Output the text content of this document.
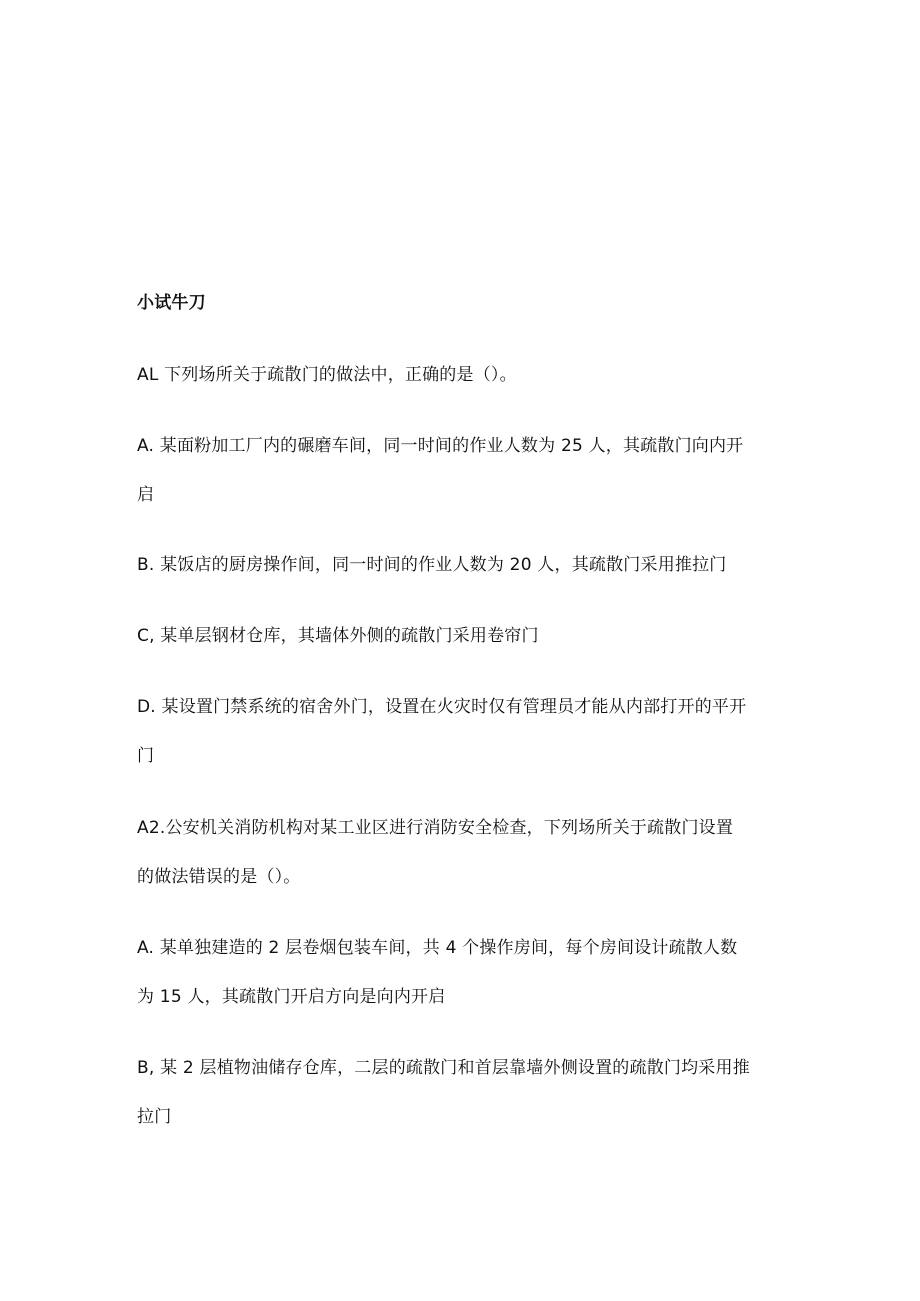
小试牛刀
AL 下列场所关于疏散门的做法中，正确的是（）。
A. 某面粉加工厂内的碾磨车间，同一时间的作业人数为 25 人，其疏散门向内开
启
B. 某饭店的厨房操作间，同一时间的作业人数为 20 人，其疏散门采用推拉门
C, 某单层钢材仓库，其墙体外侧的疏散门采用卷帘门
D. 某设置门禁系统的宿舍外门，设置在火灾时仅有管理员才能从内部打开的平开
门
A2.公安机关消防机构对某工业区进行消防安全检查，下列场所关于疏散门设置
的做法错误的是（）。
A. 某单独建造的 2 层卷烟包装车间，共 4 个操作房间，每个房间设计疏散人数
为 15 人，其疏散门开启方向是向内开启
B, 某 2 层植物油储存仓库，二层的疏散门和首层靠墙外侧设置的疏散门均采用推
拉门
